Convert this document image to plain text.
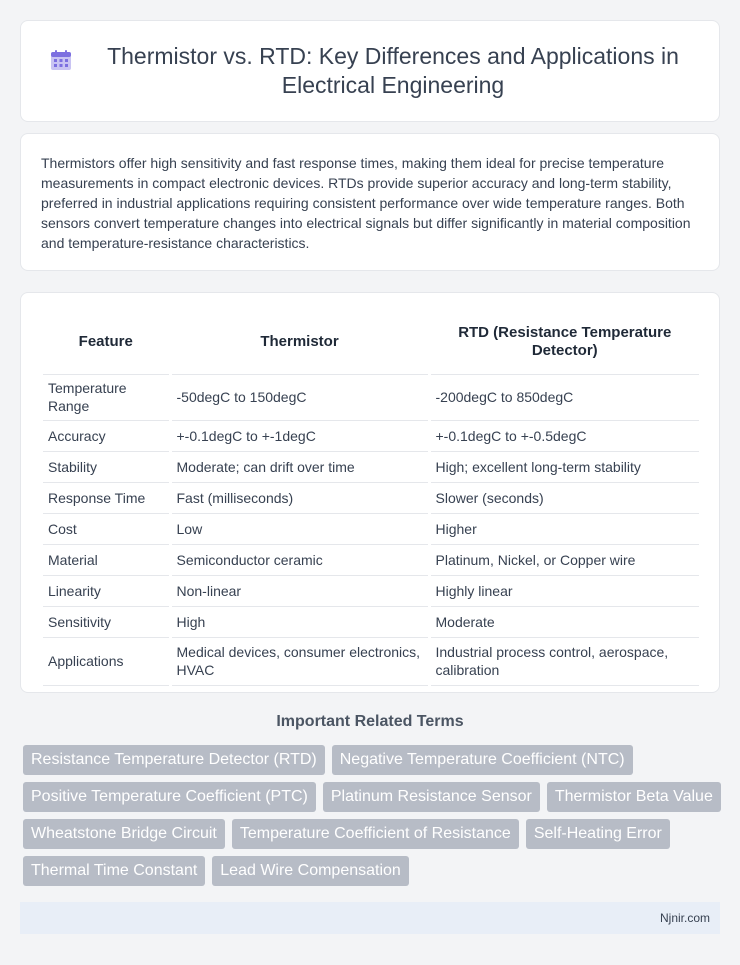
Thermistor vs. RTD: Key Differences and Applications in Electrical Engineering

Thermistors offer high sensitivity and fast response times, making them ideal for precise temperature measurements in compact electronic devices. RTDs provide superior accuracy and long-term stability, preferred in industrial applications requiring consistent performance over wide temperature ranges. Both sensors convert temperature changes into electrical signals but differ significantly in material composition and temperature-resistance characteristics.

Feature	Thermistor	RTD (Resistance Temperature Detector)
Temperature Range	-50degC to 150degC	-200degC to 850degC
Accuracy	+-0.1degC to +-1degC	+-0.1degC to +-0.5degC
Stability	Moderate; can drift over time	High; excellent long-term stability
Response Time	Fast (milliseconds)	Slower (seconds)
Cost	Low	Higher
Material	Semiconductor ceramic	Platinum, Nickel, or Copper wire
Linearity	Non-linear	Highly linear
Sensitivity	High	Moderate
Applications	Medical devices, consumer electronics, HVAC	Industrial process control, aerospace, calibration
Important Related Terms
Resistance Temperature Detector (RTD)	Negative Temperature Coefficient (NTC)
Positive Temperature Coefficient (PTC)	Platinum Resistance Sensor	Thermistor Beta Value
Wheatstone Bridge Circuit	Temperature Coefficient of Resistance	Self-Heating Error
Thermal Time Constant	Lead Wire Compensation
Njnir.com
